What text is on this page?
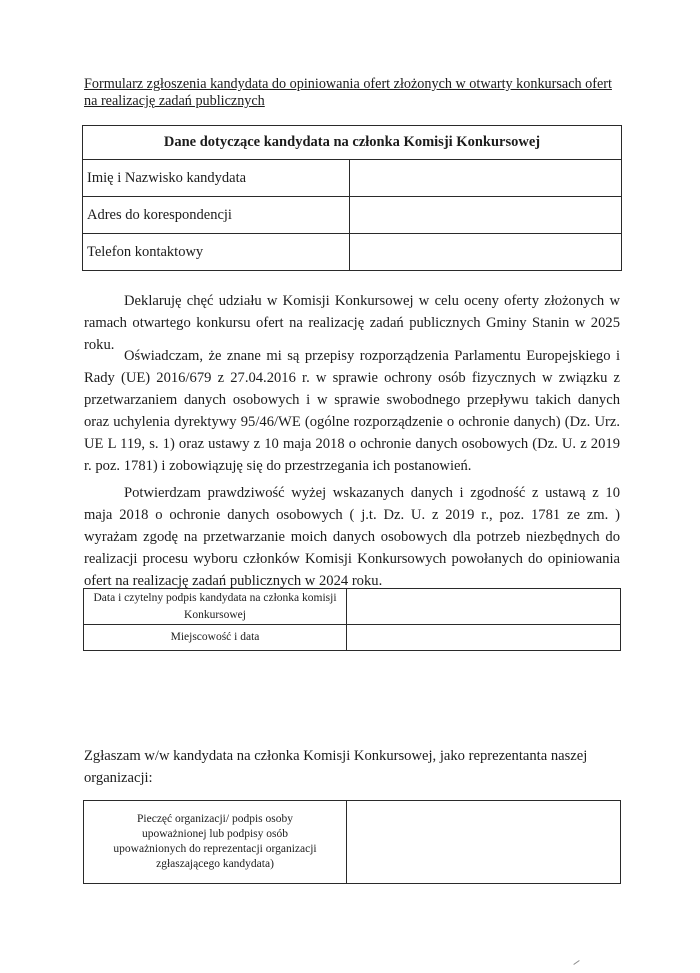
Formularz zgłoszenia kandydata do opiniowania ofert złożonych w otwarty konkursach ofert na realizację zadań publicznych
Dane dotyczące kandydata na członka Komisji Konkursowej	
Imię i Nazwisko kandydata	
Adres do korespondencji	
Telefon kontaktowy	

Deklaruję chęć udziału w Komisji Konkursowej w celu oceny oferty złożonych w ramach otwartego konkursu ofert na realizację zadań publicznych Gminy Stanin w 2025 roku.

Oświadczam, że znane mi są przepisy rozporządzenia Parlamentu Europejskiego i Rady (UE) 2016/679 z 27.04.2016 r. w sprawie ochrony osób fizycznych w związku z przetwarzaniem danych osobowych i w sprawie swobodnego przepływu takich danych oraz uchylenia dyrektywy 95/46/WE (ogólne rozporządzenie o ochronie danych) (Dz. Urz. UE L 119, s. 1) oraz ustawy z 10 maja 2018 o ochronie danych osobowych (Dz. U. z 2019 r. poz. 1781) i zobowiązuję się do przestrzegania ich postanowień.

Potwierdzam prawdziwość wyżej wskazanych danych i zgodność z ustawą z 10 maja 2018 o ochronie danych osobowych ( j.t. Dz. U. z 2019 r., poz. 1781 ze zm. ) wyrażam zgodę na przetwarzanie moich danych osobowych dla potrzeb niezbędnych do realizacji procesu wyboru członków Komisji Konkursowych powołanych do opiniowania ofert na realizację zadań publicznych w 2024 roku.

Data i czytelny podpis kandydata na członka komisji Konkursowej	
Miejscowość i data	

Zgłaszam w/w kandydata na członka Komisji Konkursowej, jako reprezentanta naszej organizacji:

Pieczęć organizacji/ podpis osoby upoważnionej lub podpisy osób upoważnionych do reprezentacji organizacji zgłaszającego kandydata)
